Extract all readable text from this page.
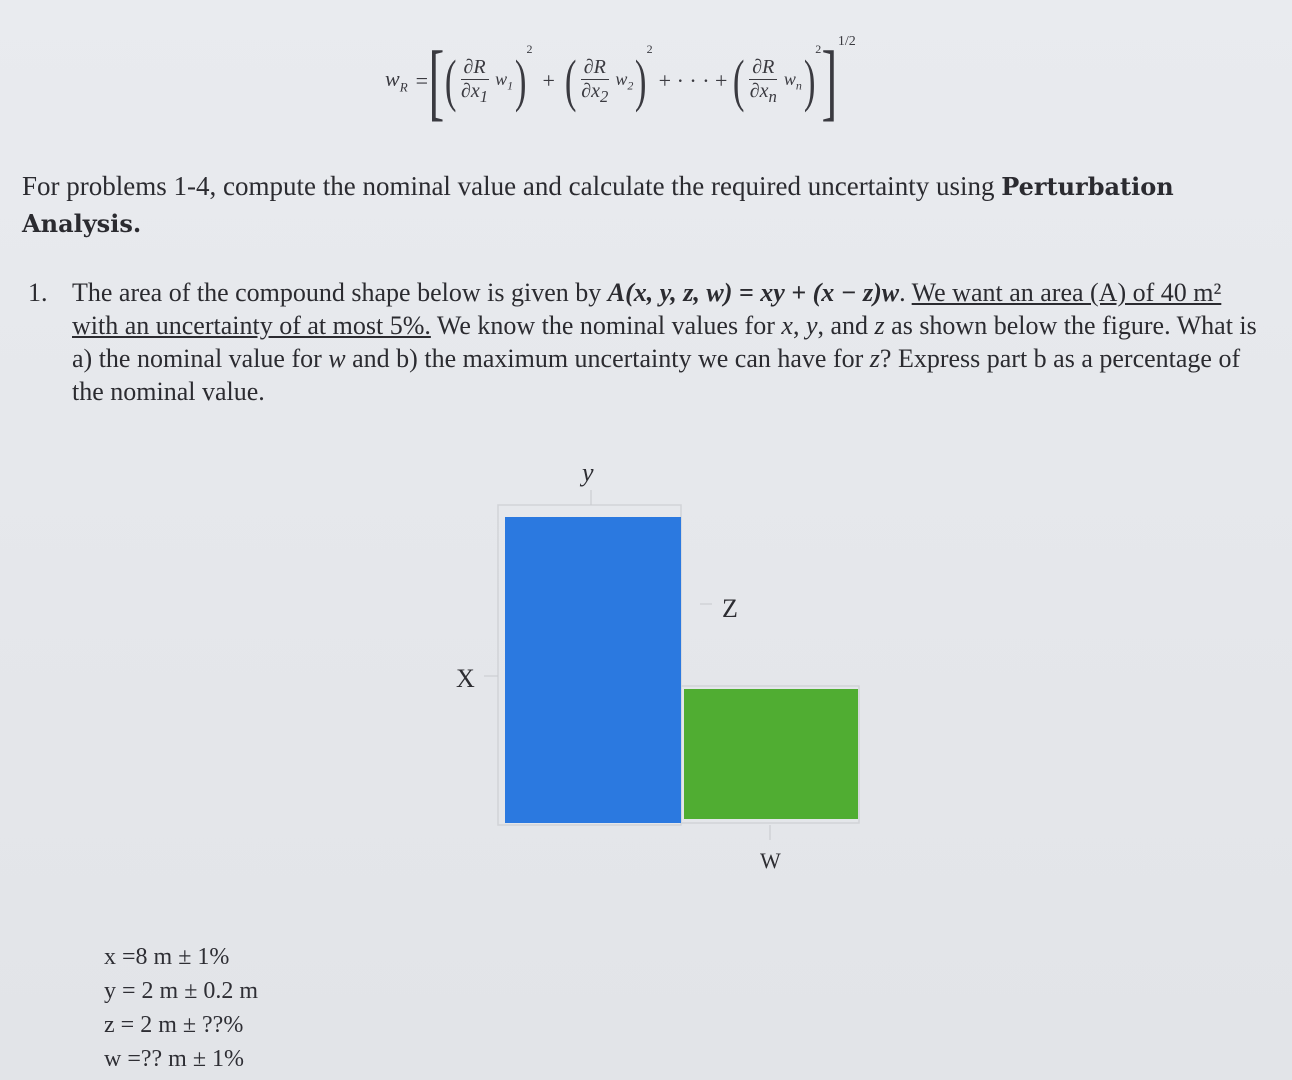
$w_R$ = [ ( $\frac{\partial R}{\partial x_1} w_1$ ) 2
+ ( $\frac{\partial R}{\partial x_2} w_2$ ) 2
+ · · · + ( $\frac{\partial R}{\partial x_n} w_n$ ) 2 ] 1/2
For problems 1-4, compute the nominal value and calculate the required uncertainty using Perturbation Analysis.
1. The area of the compound shape below is given by A(x, y, z, w) = xy + (x − z)w. We want an area (A) of 40 m² with an uncertainty of at most 5%. We know the nominal values for x, y, and z as shown below the figure. What is a) the nominal value for w and b) the maximum uncertainty we can have for z? Express part b as a percentage of the nominal value.
y
Z
X
W
x =8 m ± 1%
y = 2 m ± 0.2 m
z = 2 m ± ??%
w =?? m ± 1%
